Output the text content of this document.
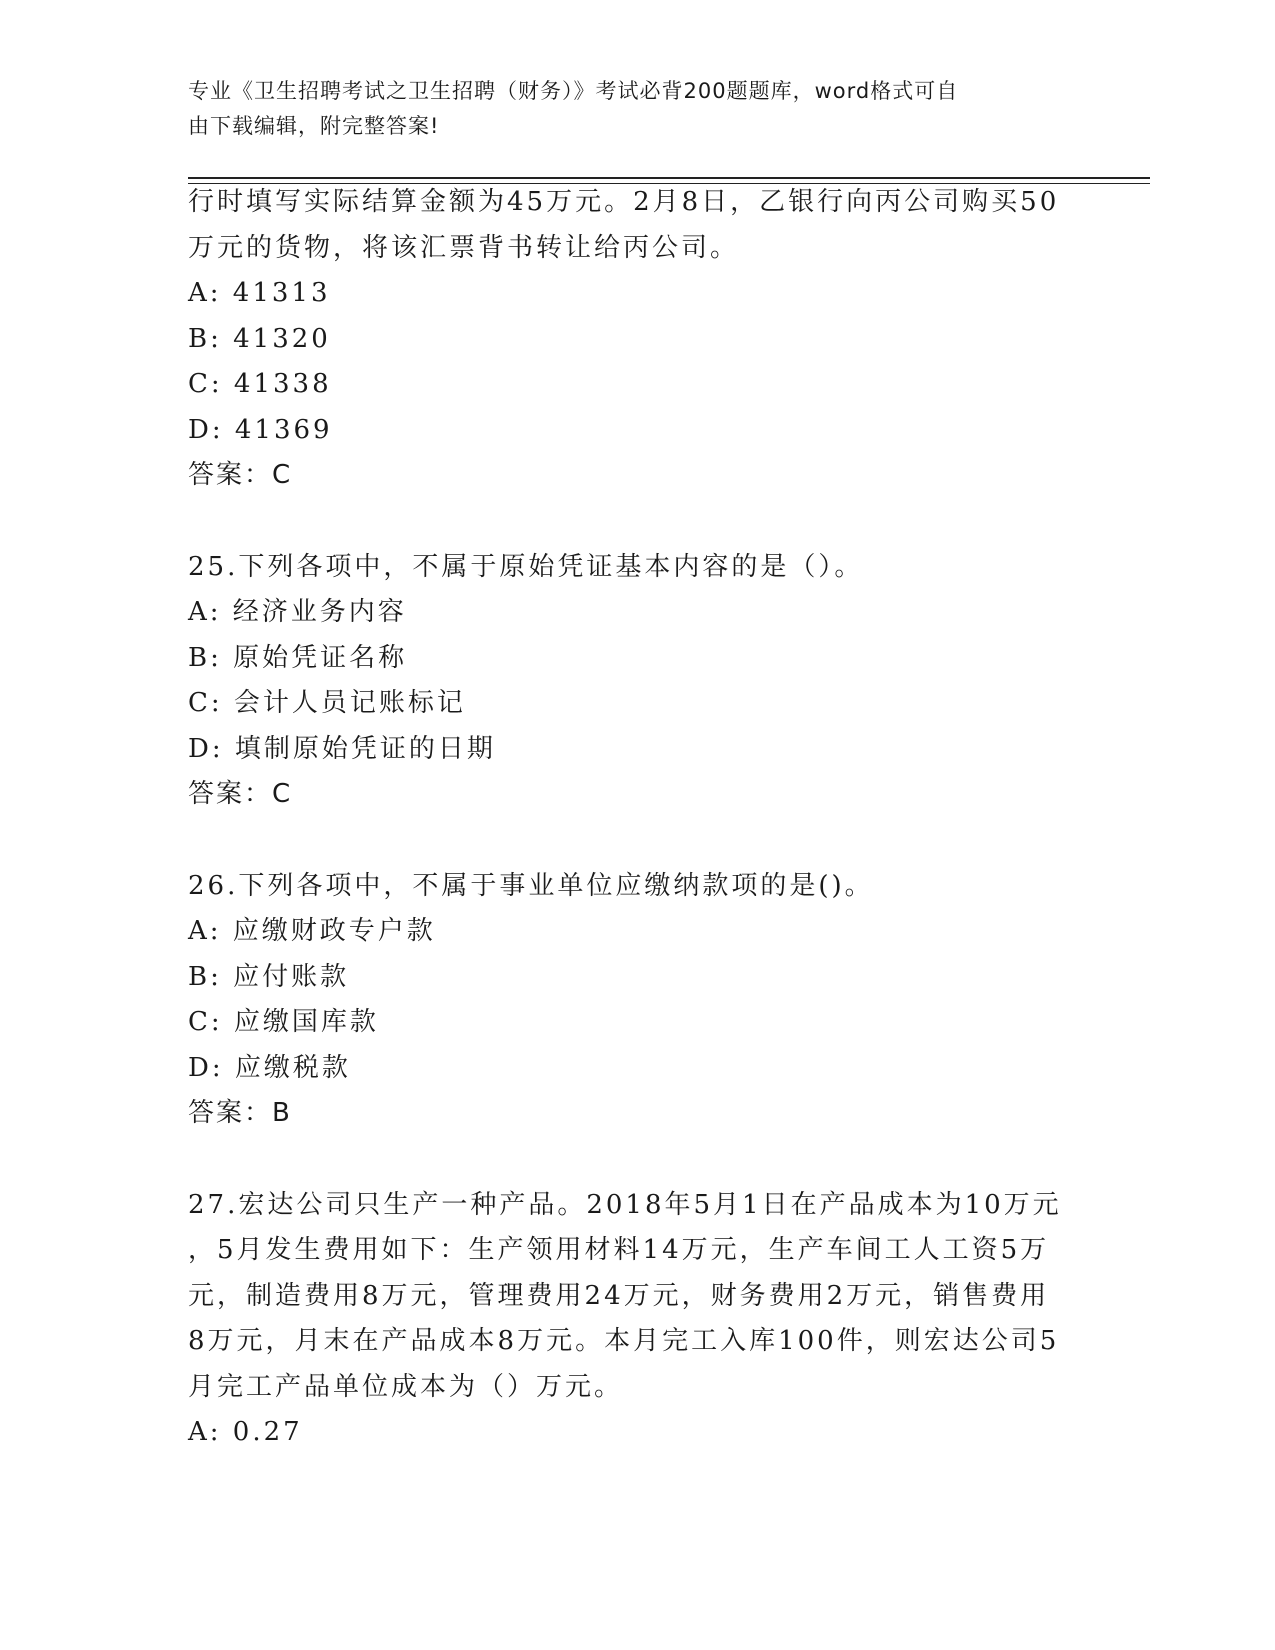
专业《卫生招聘考试之卫生招聘（财务）》考试必背200题题库，word格式可自
由下载编辑，附完整答案!
行时填写实际结算金额为45万元。2月8日，乙银行向丙公司购买50
万元的货物，将该汇票背书转让给丙公司。
A: 41313
B: 41320
C: 41338
D: 41369
答案：C
25.下列各项中，不属于原始凭证基本内容的是（）。
A: 经济业务内容
B: 原始凭证名称
C: 会计人员记账标记
D: 填制原始凭证的日期
答案：C
26.下列各项中，不属于事业单位应缴纳款项的是()。
A: 应缴财政专户款
B: 应付账款
C: 应缴国库款
D: 应缴税款
答案：B
27.宏达公司只生产一种产品。2018年5月1日在产品成本为10万元
，5月发生费用如下：生产领用材料14万元，生产车间工人工资5万
元，制造费用8万元，管理费用24万元，财务费用2万元，销售费用
8万元，月末在产品成本8万元。本月完工入库100件，则宏达公司5
月完工产品单位成本为（）万元。
A: 0.27
